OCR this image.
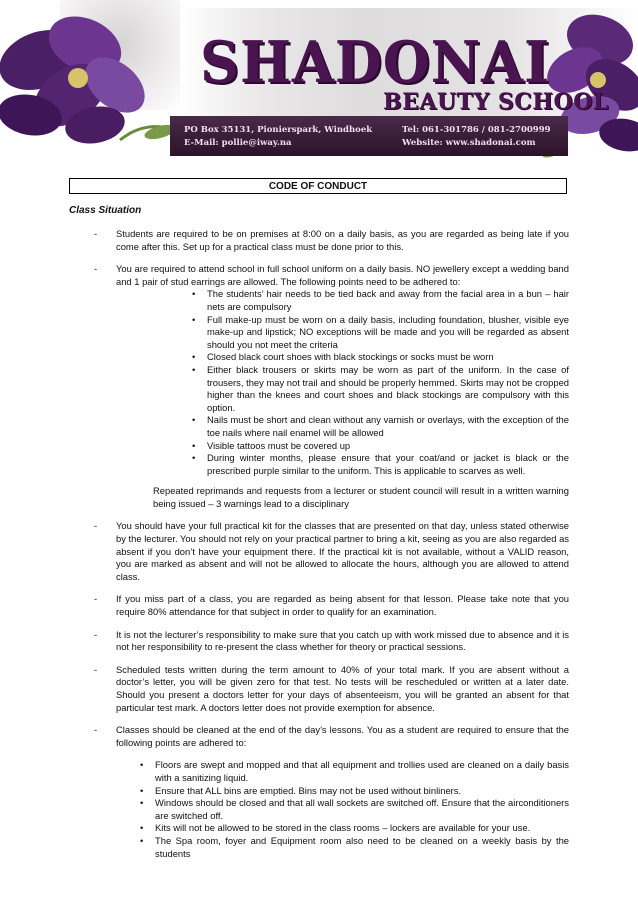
SHADONAI
BEAUTY SCHOOL
PO Box 35131, Pionierspark, Windhoek
E-Mail: pollie@iway.na
Tel: 061-301786 / 081-2700999
Website: www.shadonai.com
CODE OF CONDUCT
Class Situation
- Students are required to be on premises at 8:00 on a daily basis, as you are regarded as being late if you come after this. Set up for a practical class must be done prior to this.
- You are required to attend school in full school uniform on a daily basis. NO jewellery except a wedding band and 1 pair of stud earrings are allowed. The following points need to be adhered to:
• The students’ hair needs to be tied back and away from the facial area in a bun – hair nets are compulsory
• Full make-up must be worn on a daily basis, including foundation, blusher, visible eye make-up and lipstick; NO exceptions will be made and you will be regarded as absent should you not meet the criteria
• Closed black court shoes with black stockings or socks must be worn
• Either black trousers or skirts may be worn as part of the uniform. In the case of trousers, they may not trail and should be properly hemmed. Skirts may not be cropped higher than the knees and court shoes and black stockings are compulsory with this option.
• Nails must be short and clean without any varnish or overlays, with the exception of the toe nails where nail enamel will be allowed
• Visible tattoos must be covered up
• During winter months, please ensure that your coat/and or jacket is black or the prescribed purple similar to the uniform. This is applicable to scarves as well.
Repeated reprimands and requests from a lecturer or student council will result in a written warning being issued – 3 warnings lead to a disciplinary
- You should have your full practical kit for the classes that are presented on that day, unless stated otherwise by the lecturer. You should not rely on your practical partner to bring a kit, seeing as you are also regarded as absent if you don’t have your equipment there. If the practical kit is not available, without a VALID reason, you are marked as absent and will not be allowed to allocate the hours, although you are allowed to attend class.
- If you miss part of a class, you are regarded as being absent for that lesson. Please take note that you require 80% attendance for that subject in order to qualify for an examination.
- It is not the lecturer’s responsibility to make sure that you catch up with work missed due to absence and it is not her responsibility to re-present the class whether for theory or practical sessions.
- Scheduled tests written during the term amount to 40% of your total mark. If you are absent without a doctor’s letter, you will be given zero for that test. No tests will be rescheduled or written at a later date. Should you present a doctors letter for your days of absenteeism, you will be granted an absent for that particular test mark. A doctors letter does not provide exemption for absence.
- Classes should be cleaned at the end of the day’s lessons. You as a student are required to ensure that the following points are adhered to:
• Floors are swept and mopped and that all equipment and trollies used are cleaned on a daily basis with a sanitizing liquid.
• Ensure that ALL bins are emptied. Bins may not be used without binliners.
• Windows should be closed and that all wall sockets are switched off. Ensure that the airconditioners are switched off.
• Kits will not be allowed to be stored in the class rooms – lockers are available for your use.
• The Spa room, foyer and Equipment room also need to be cleaned on a weekly basis by the students
